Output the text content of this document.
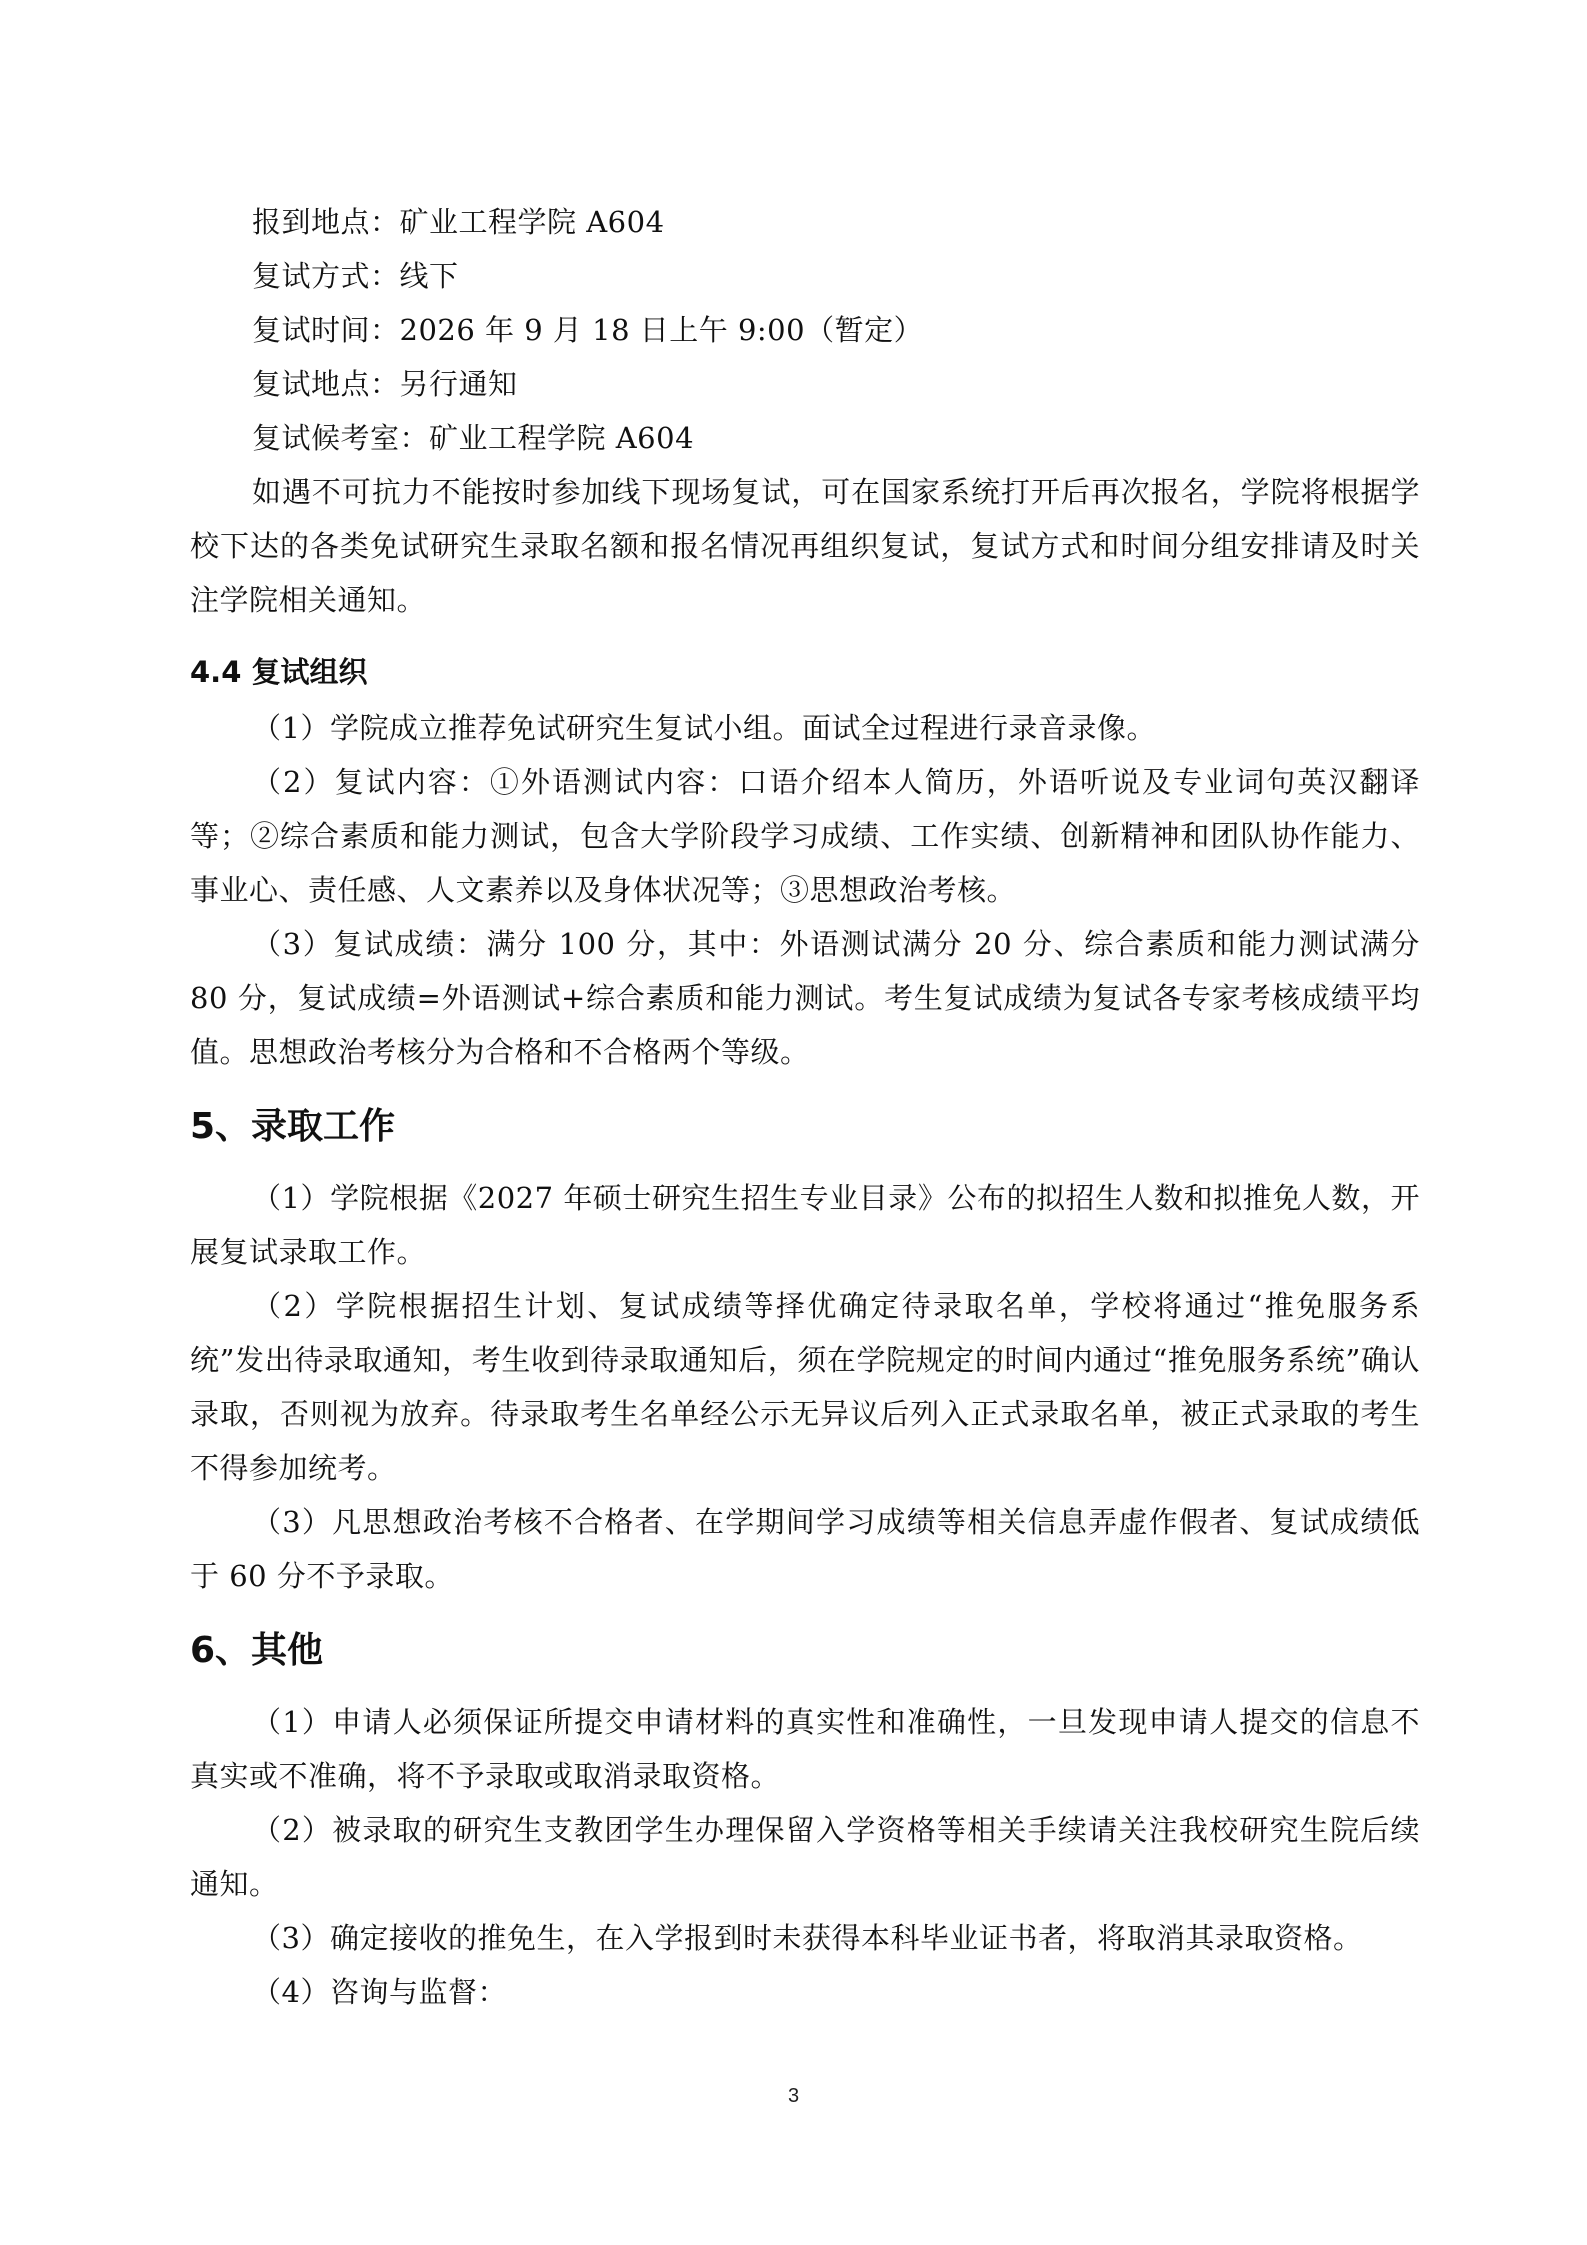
报到地点：矿业工程学院 A604

复试方式：线下

复试时间：2026 年 9 月 18 日上午 9:00（暂定）

复试地点：另行通知

复试候考室：矿业工程学院 A604

如遇不可抗力不能按时参加线下现场复试，可在国家系统打开后再次报名，学院将根据学校下达的各类免试研究生录取名额和报名情况再组织复试，复试方式和时间分组安排请及时关注学院相关通知。

4.4 复试组织

（1）学院成立推荐免试研究生复试小组。面试全过程进行录音录像。

（2）复试内容：①外语测试内容：口语介绍本人简历，外语听说及专业词句英汉翻译等；②综合素质和能力测试，包含大学阶段学习成绩、工作实绩、创新精神和团队协作能力、事业心、责任感、人文素养以及身体状况等；③思想政治考核。

（3）复试成绩：满分 100 分，其中：外语测试满分 20 分、综合素质和能力测试满分 80 分，复试成绩=外语测试+综合素质和能力测试。考生复试成绩为复试各专家考核成绩平均值。思想政治考核分为合格和不合格两个等级。

5、录取工作

（1）学院根据《2027 年硕士研究生招生专业目录》公布的拟招生人数和拟推免人数，开展复试录取工作。

（2）学院根据招生计划、复试成绩等择优确定待录取名单，学校将通过“推免服务系统”发出待录取通知，考生收到待录取通知后，须在学院规定的时间内通过“推免服务系统”确认录取，否则视为放弃。待录取考生名单经公示无异议后列入正式录取名单，被正式录取的考生不得参加统考。

（3）凡思想政治考核不合格者、在学期间学习成绩等相关信息弄虚作假者、复试成绩低于 60 分不予录取。

6、其他

（1）申请人必须保证所提交申请材料的真实性和准确性，一旦发现申请人提交的信息不真实或不准确，将不予录取或取消录取资格。

（2）被录取的研究生支教团学生办理保留入学资格等相关手续请关注我校研究生院后续通知。

（3）确定接收的推免生，在入学报到时未获得本科毕业证书者，将取消其录取资格。

（4）咨询与监督：

3
